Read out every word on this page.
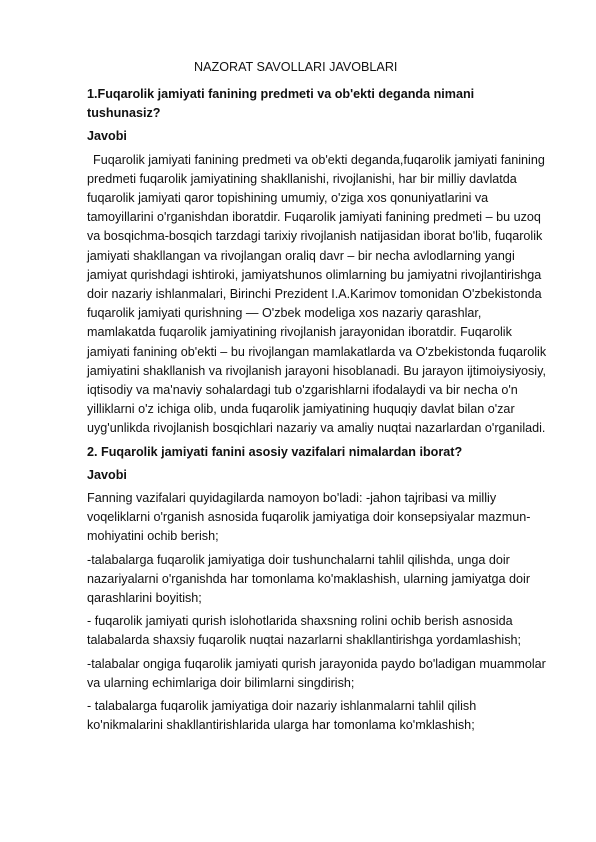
NAZORAT SAVOLLARI JAVOBLARI

1.Fuqarolik jamiyati fanining predmeti va ob'ekti deganda nimani tushunasiz?

Javobi

Fuqarolik jamiyati fanining predmeti va ob'ekti deganda,fuqarolik jamiyati fanining predmeti fuqarolik jamiyatining shakllanishi, rivojlanishi, har bir milliy davlatda fuqarolik jamiyati qaror topishining umumiy, o'ziga xos qonuniyatlarini va tamoyillarini o'rganishdan iboratdir. Fuqarolik jamiyati fanining predmeti – bu uzoq va bosqichma-bosqich tarzdagi tarixiy rivojlanish natijasidan iborat bo'lib, fuqarolik jamiyati shakllangan va rivojlangan oraliq davr – bir necha avlodlarning yangi jamiyat qurishdagi ishtiroki, jamiyatshunos olimlarning bu jamiyatni rivojlantirishga doir nazariy ishlanmalari, Birinchi Prezident I.A.Karimov tomonidan O'zbekistonda fuqarolik jamiyati qurishning — O'zbek modeliga xos nazariy qarashlar, mamlakatda fuqarolik jamiyatining rivojlanish jarayonidan iboratdir. Fuqarolik jamiyati fanining ob'ekti – bu rivojlangan mamlakatlarda va O'zbekistonda fuqarolik jamiyatini shakllanish va rivojlanish jarayoni hisoblanadi. Bu jarayon ijtimoiysiyosiy, iqtisodiy va ma'naviy sohalardagi tub o'zgarishlarni ifodalaydi va bir necha o'n yilliklarni o'z ichiga olib, unda fuqarolik jamiyatining huquqiy davlat bilan o'zar uyg'unlikda rivojlanish bosqichlari nazariy va amaliy nuqtai nazarlardan o'rganiladi.

2. Fuqarolik jamiyati fanini asosiy vazifalari nimalardan iborat?

Javobi

Fanning vazifalari quyidagilarda namoyon bo'ladi: -jahon tajribasi va milliy voqeliklarni o'rganish asnosida fuqarolik jamiyatiga doir konsepsiyalar mazmun-mohiyatini ochib berish;

-talabalarga fuqarolik jamiyatiga doir tushunchalarni tahlil qilishda, unga doir nazariyalarni o'rganishda har tomonlama ko'maklashish, ularning jamiyatga doir qarashlarini boyitish;

- fuqarolik jamiyati qurish islohotlarida shaxsning rolini ochib berish asnosida talabalarda shaxsiy fuqarolik nuqtai nazarlarni shakllantirishga yordamlashish;

-talabalar ongiga fuqarolik jamiyati qurish jarayonida paydo bo'ladigan muammolar va ularning echimlariga doir bilimlarni singdirish;

- talabalarga fuqarolik jamiyatiga doir nazariy ishlanmalarni tahlil qilish ko'nikmalarini shakllantirishlarida ularga har tomonlama ko'mklashish;
